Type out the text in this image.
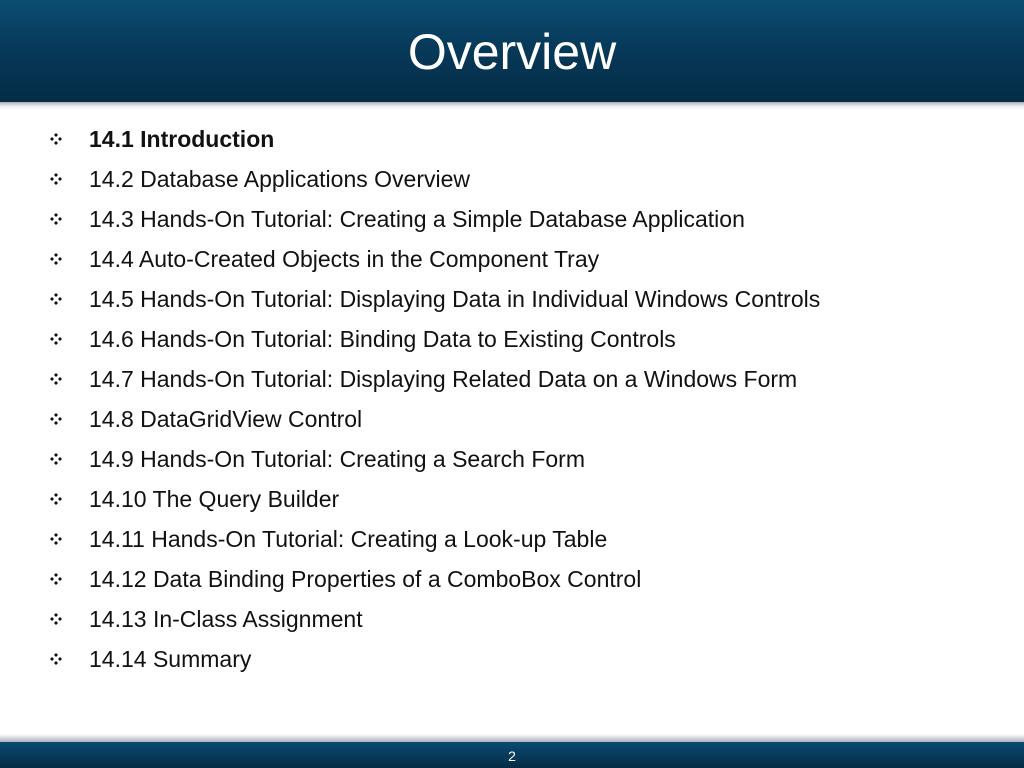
Overview
14.1 Introduction
14.2 Database Applications Overview
14.3 Hands-On Tutorial: Creating a Simple Database Application
14.4 Auto-Created Objects in the Component Tray
14.5 Hands-On Tutorial: Displaying Data in Individual Windows Controls
14.6 Hands-On Tutorial: Binding Data to Existing Controls
14.7 Hands-On Tutorial: Displaying Related Data on a Windows Form
14.8 DataGridView Control
14.9 Hands-On Tutorial: Creating a Search Form
14.10 The Query Builder
14.11 Hands-On Tutorial: Creating a Look-up Table
14.12 Data Binding Properties of a ComboBox Control
14.13 In-Class Assignment
14.14 Summary
2
